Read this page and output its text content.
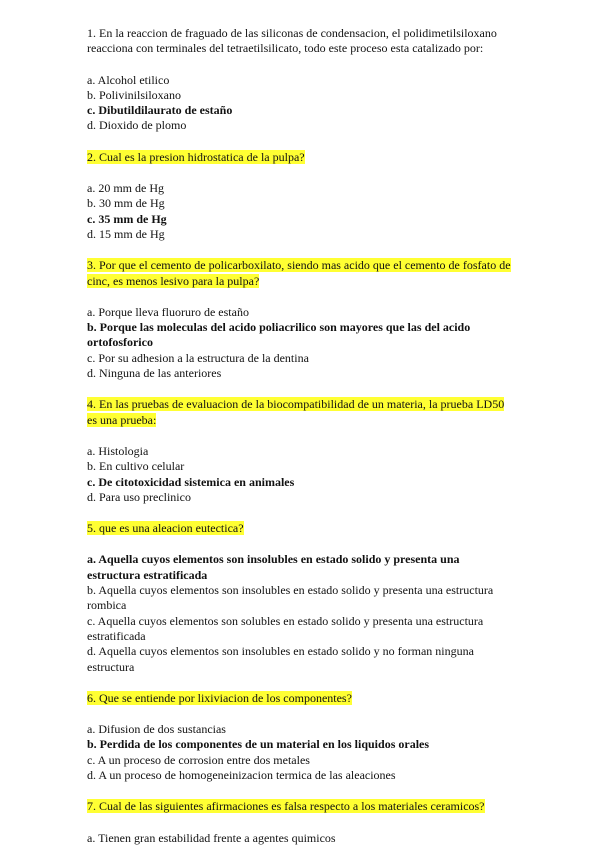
1. En la reaccion de fraguado de las siliconas de condensacion, el polidimetilsiloxano reacciona con terminales del tetraetilsilicato, todo este proceso esta catalizado por:

a. Alcohol etilico

b. Polivinilsiloxano

c. Dibutildilaurato de estaño

d. Dioxido de plomo

2. Cual es la presion hidrostatica de la pulpa?

a. 20 mm de Hg

b. 30 mm de Hg

c. 35 mm de Hg

d. 15 mm de Hg

3. Por que el cemento de policarboxilato, siendo mas acido que el cemento de fosfato de cinc, es menos lesivo para la pulpa?

a. Porque lleva fluoruro de estaño

b. Porque las moleculas del acido poliacrilico son mayores que las del acido ortofosforico

c. Por su adhesion a la estructura de la dentina

d. Ninguna de las anteriores

4. En las pruebas de evaluacion de la biocompatibilidad de un materia, la prueba LD50 es una prueba:

a. Histologia

b. En cultivo celular

c. De citotoxicidad sistemica en animales

d. Para uso preclinico

5. que es una aleacion eutectica?

a. Aquella cuyos elementos son insolubles en estado solido y presenta una estructura estratificada

b. Aquella cuyos elementos son insolubles en estado solido y presenta una estructura rombica

c. Aquella cuyos elementos son solubles en estado solido y presenta una estructura estratificada

d. Aquella cuyos elementos son insolubles en estado solido y no forman ninguna estructura

6. Que se entiende por lixiviacion de los componentes?

a. Difusion de dos sustancias

b. Perdida de los componentes de un material en los liquidos orales

c. A un proceso de corrosion entre dos metales

d. A un proceso de homogeneinizacion termica de las aleaciones

7. Cual de las siguientes afirmaciones es falsa respecto a los materiales ceramicos?

a. Tienen gran estabilidad frente a agentes quimicos
